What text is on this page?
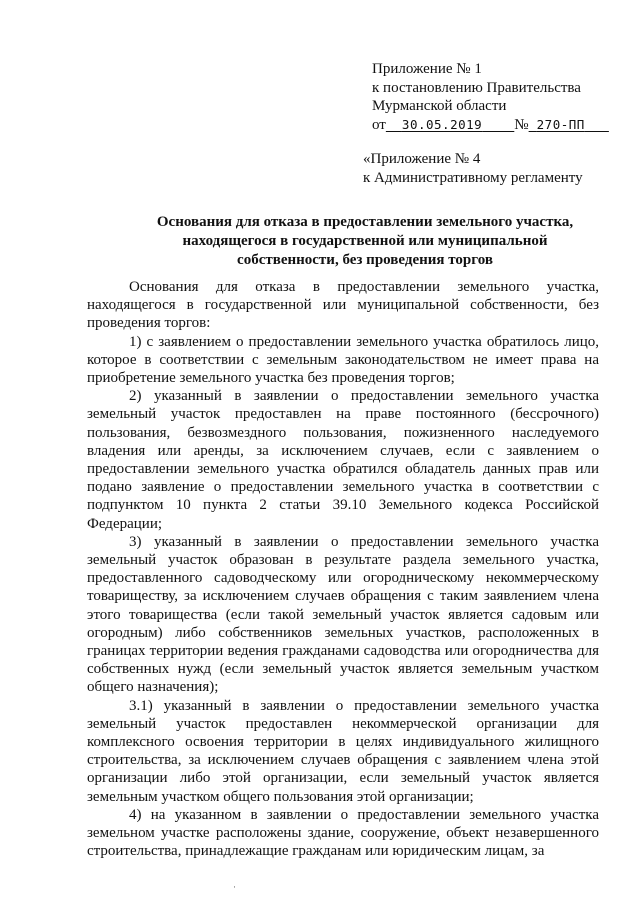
Приложение № 1
к постановлению Правительства
Мурманской области
от 30.05.2019 № 270-ПП
«Приложение № 4
к Административному регламенту
Основания для отказа в предоставлении земельного участка,
находящегося в государственной или муниципальной
собственности, без проведения торгов

Основания для отказа в предоставлении земельного участка, находящегося в государственной или муниципальной собственности, без проведения торгов:

1) с заявлением о предоставлении земельного участка обратилось лицо, которое в соответствии с земельным законодательством не имеет права на приобретение земельного участка без проведения торгов;

2) указанный в заявлении о предоставлении земельного участка земельный участок предоставлен на праве постоянного (бессрочного) пользования, безвозмездного пользования, пожизненного наследуемого владения или аренды, за исключением случаев, если с заявлением о предоставлении земельного участка обратился обладатель данных прав или подано заявление о предоставлении земельного участка в соответствии с подпунктом 10 пункта 2 статьи 39.10 Земельного кодекса Российской Федерации;

3) указанный в заявлении о предоставлении земельного участка земельный участок образован в результате раздела земельного участка, предоставленного садоводческому или огородническому некоммерческому товариществу, за исключением случаев обращения с таким заявлением члена этого товарищества (если такой земельный участок является садовым или огородным) либо собственников земельных участков, расположенных в границах территории ведения гражданами садоводства или огородничества для собственных нужд (если земельный участок является земельным участком общего назначения);

3.1) указанный в заявлении о предоставлении земельного участка земельный участок предоставлен некоммерческой организации для комплексного освоения территории в целях индивидуального жилищного строительства, за исключением случаев обращения с заявлением члена этой организации либо этой организации, если земельный участок является земельным участком общего пользования этой организации;

4) на указанном в заявлении о предоставлении земельного участка земельном участке расположены здание, сооружение, объект незавершенного строительства, принадлежащие гражданам или юридическим лицам, за

·
